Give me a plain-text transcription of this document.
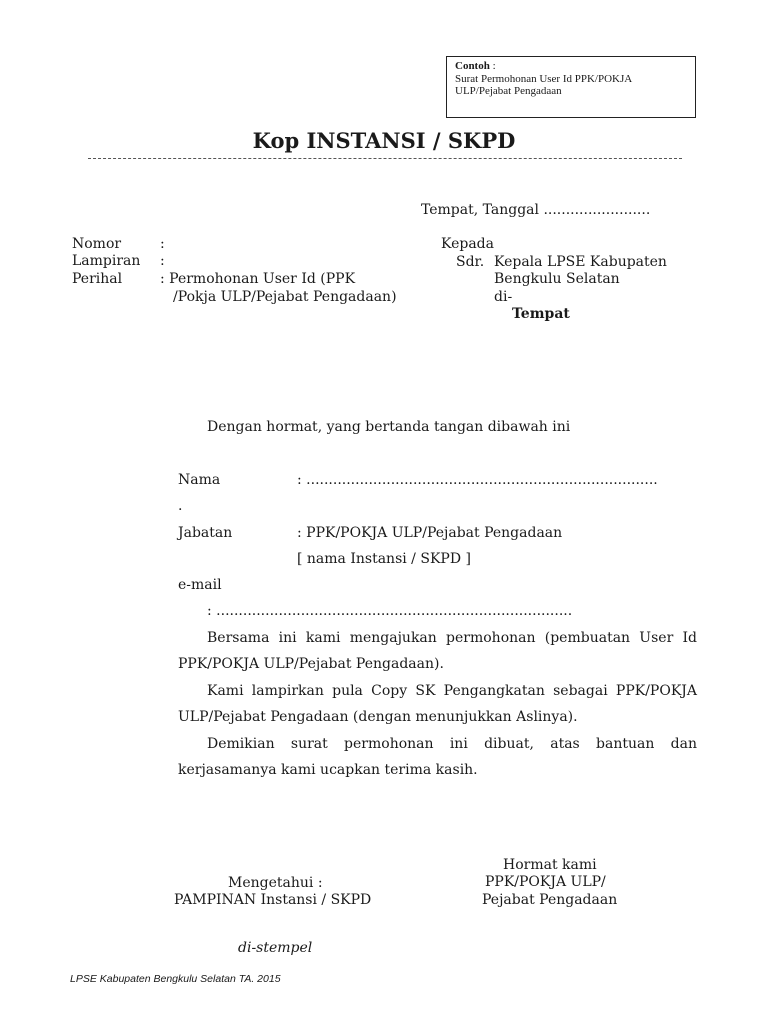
Contoh :
Surat Permohonan User Id PPK/POKJA
ULP/Pejabat Pengadaan
Kop INSTANSI / SKPD
Tempat, Tanggal ........................
Nomor	:
Lampiran :
Perihal	: Permohonan User Id (PPK
/Pokja ULP/Pejabat Pengadaan)
Kepada
Sdr. Kepala LPSE Kabupaten
Bengkulu Selatan
di-
Tempat
Dengan hormat, yang bertanda tangan dibawah ini
Nama	: ...............................................................................
.
Jabatan	: PPK/POKJA ULP/Pejabat Pengadaan
[ nama Instansi / SKPD ]
e-mail
: ................................................................................
Bersama ini kami mengajukan permohonan (pembuatan User Id PPK/POKJA ULP/Pejabat Pengadaan).
Kami lampirkan pula Copy SK Pengangkatan sebagai PPK/POKJA ULP/Pejabat Pengadaan (dengan menunjukkan Aslinya).
Demikian surat permohonan ini dibuat, atas bantuan dan kerjasamanya kami ucapkan terima kasih.
Mengetahui :
PAMPINAN Instansi / SKPD
Hormat kami
PPK/POKJA ULP/
Pejabat Pengadaan
di-stempel
LPSE Kabupaten Bengkulu Selatan TA. 2015
